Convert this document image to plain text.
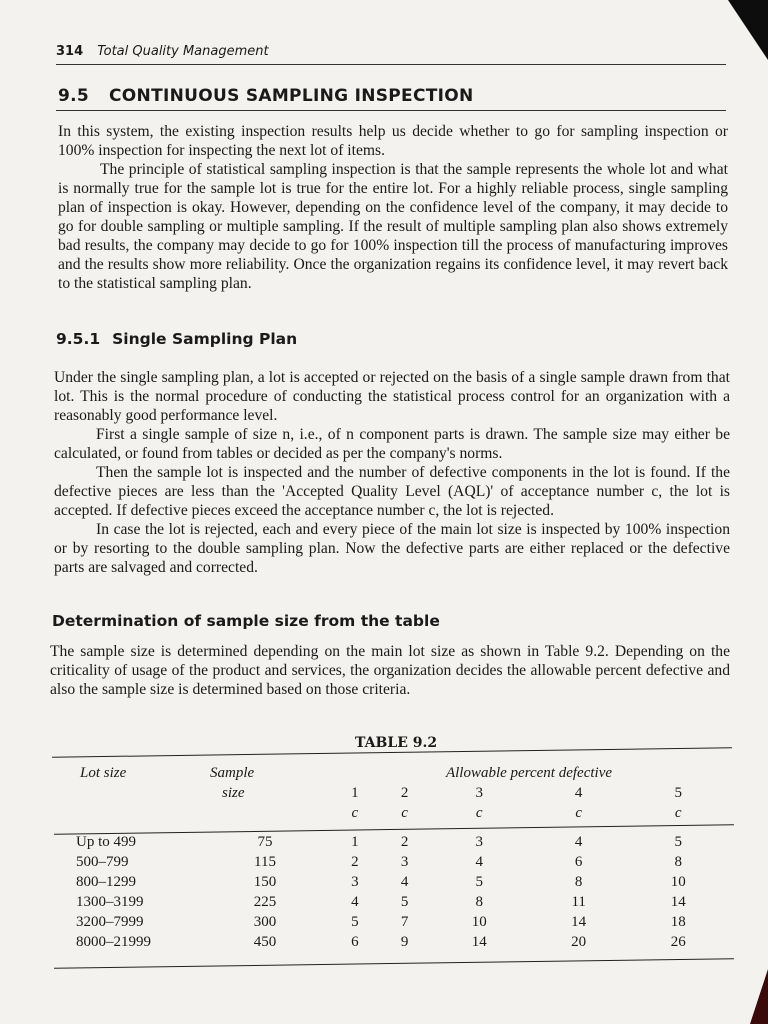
314 Total Quality Management
9.5 CONTINUOUS SAMPLING INSPECTION

In this system, the existing inspection results help us decide whether to go for sampling inspection or 100% inspection for inspecting the next lot of items.

The principle of statistical sampling inspection is that the sample represents the whole lot and what is normally true for the sample lot is true for the entire lot. For a highly reliable process, single sampling plan of inspection is okay. However, depending on the confidence level of the company, it may decide to go for double sampling or multiple sampling. If the result of multiple sampling plan also shows extremely bad results, the company may decide to go for 100% inspection till the process of manufacturing improves and the results show more reliability. Once the organization regains its confidence level, it may revert back to the statistical sampling plan.

9.5.1 Single Sampling Plan

Under the single sampling plan, a lot is accepted or rejected on the basis of a single sample drawn from that lot. This is the normal procedure of conducting the statistical process control for an organization with a reasonably good performance level.

First a single sample of size n, i.e., of n component parts is drawn. The sample size may either be calculated, or found from tables or decided as per the company's norms.

Then the sample lot is inspected and the number of defective components in the lot is found. If the defective pieces are less than the 'Accepted Quality Level (AQL)' of acceptance number c, the lot is accepted. If defective pieces exceed the acceptance number c, the lot is rejected.

In case the lot is rejected, each and every piece of the main lot size is inspected by 100% inspection or by resorting to the double sampling plan. Now the defective parts are either replaced or the defective parts are salvaged and corrected.

Determination of sample size from the table

The sample size is determined depending on the main lot size as shown in Table 9.2. Depending on the criticality of usage of the product and services, the organization decides the allowable percent defective and also the sample size is determined based on those criteria.

TABLE 9.2
Lot size	Sample	Allowable percent defective				
	size	1	2	3	4	5
		c	c	c	c	c
Up to 499	75	1	2	3	4	5
500–799	115	2	3	4	6	8
800–1299	150	3	4	5	8	10
1300–3199	225	4	5	8	11	14
3200–7999	300	5	7	10	14	18
8000–21999	450	6	9	14	20	26
